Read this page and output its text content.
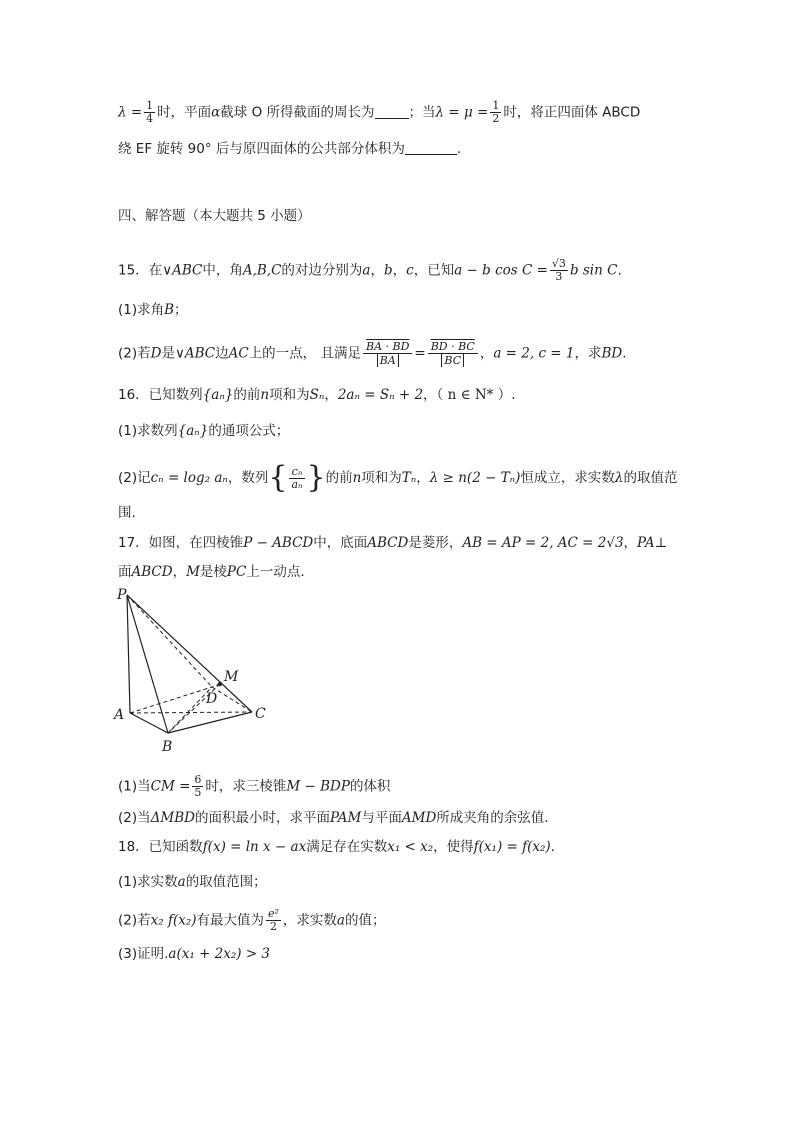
$\lambda = \frac{1}{4}$ 时，平面α截球 O 所得截面的周长为	；当$\lambda = \mu = \frac{1}{2}$ 时，将正四面体 ABCD
绕 EF 旋转 90° 后与原四面体的公共部分体积为	.
四、解答题（本大题共 5 小题）
15．在∨ABC中，角A,B,C的对边分别为a，b，c，已知a − b $\cos C = \frac{√3}{3}$ b sin C.
(1)求角B；
(2)若D是∨ABC边AC上的一点， 且满足 $\frac{BA \cdot BD}{BA} = \frac{BD \cdot BC}{BC}$ ，a = 2, c = 1，求BD.
16．已知数列{aₙ}的前n项和为Sₙ，2aₙ = Sₙ + 2，（ n ∈ N* ）.
(1)求数列{aₙ}的通项公式；
(2)记cₙ = log₂ aₙ，数列{ $\frac{\text{cₙ}}{\text{aₙ}}$ }的前n项和为Tₙ，λ ≥ n(2 − Tₙ)恒成立，求实数λ的取值范
围.
17．如图，在四棱锥P − ABCD中，底面ABCD是菱形，AB = AP = 2, AC = 2√3，PA⊥
面ABCD，M是棱PC上一动点.
P
A
B
C
D
M
(1)当CM = $\frac{6}{5}$ 时，求三棱锥M − BDP的体积
(2)当ΔMBD的面积最小时，求平面PAM与平面AMD所成夹角的余弦值.
18．已知函数f(x) = ln x − ax满足存在实数x₁ < x₂，使得f(x₁) = f(x₂).
(1)求实数a的取值范围；
(2)若x₂ f(x₂)有最大值为 $\frac{\text{e²}}{2}$ ，求实数a的值；
(3)证明.a(x₁ + 2x₂) > 3
